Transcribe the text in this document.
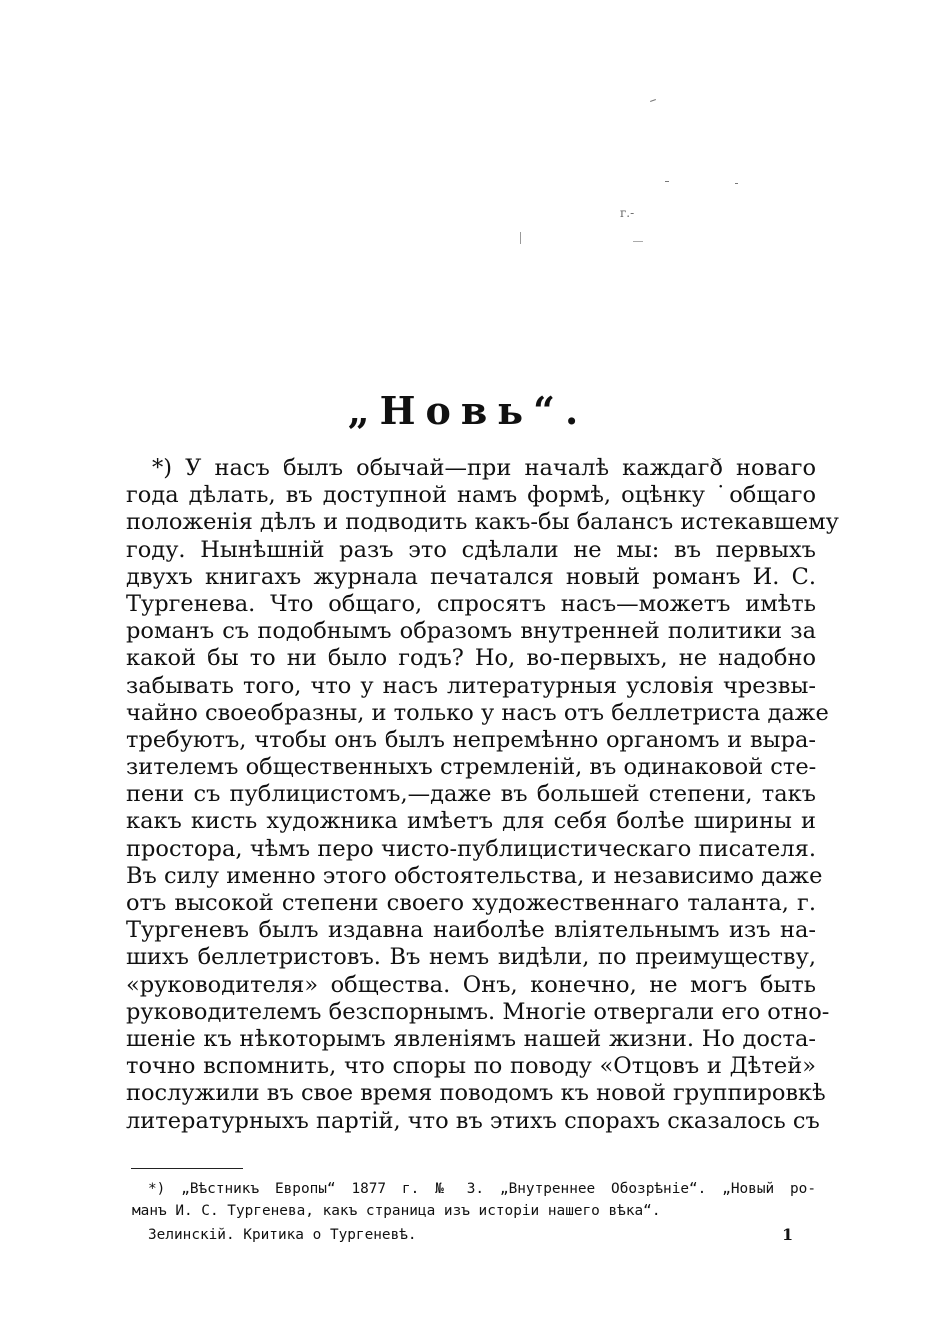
г.-
„Новь“.
*) У насъ былъ обычай—при началѣ каждагð новаго
года дѣлать, въ доступной намъ формѣ, оцѣнку ˙общаго
положенія дѣлъ и подводить какъ-бы балансъ истекавшему
году. Нынѣшній разъ это сдѣлали не мы: въ первыхъ
двухъ книгахъ журнала печатался новый романъ И. С.
Тургенева. Что общаго, спросятъ насъ—можетъ имѣть
романъ съ подобнымъ образомъ внутренней политики за
какой бы то ни было годъ? Но, во-первыхъ, не надобно
забывать того, что у насъ литературныя условія чрезвы-
чайно своеобразны, и только у насъ отъ беллетриста даже
требуютъ, чтобы онъ былъ непремѣнно органомъ и выра-
зителемъ общественныхъ стремленій, въ одинаковой сте-
пени съ публицистомъ,—даже въ большей степени, такъ
какъ кисть художника имѣетъ для себя болѣе ширины и
простора, чѣмъ перо чисто-публицистическаго писателя.
Въ силу именно этого обстоятельства, и независимо даже
отъ высокой степени своего художественнаго таланта, г.
Тургеневъ былъ издавна наиболѣе вліятельнымъ изъ на-
шихъ беллетристовъ. Въ немъ видѣли, по преимуществу,
«руководителя» общества. Онъ, конечно, не могъ быть
руководителемъ безспорнымъ. Многіе отвергали его отно-
шеніе къ нѣкоторымъ явленіямъ нашей жизни. Но доста-
точно вспомнить, что споры по поводу «Отцовъ и Дѣтей»
послужили въ свое время поводомъ къ новой группировкѣ
литературныхъ партій, что въ этихъ спорахъ сказалось съ
*) „Вѣстникъ Европы“ 1877 г. № 3. „Внутреннее Обозрѣніе“. „Новый ро-
манъ И. С. Тургенева, какъ страница изъ исторіи нашего вѣка“.
Зелинскій. Критика о Тургеневѣ.	1
